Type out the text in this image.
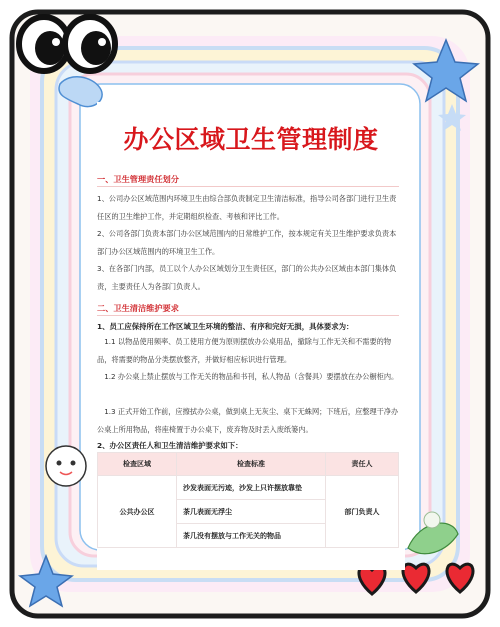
办公区域卫生管理制度
一、卫生管理责任划分

1、公司办公区域范围内环境卫生由综合部负责制定卫生清洁标准，指导公司各部门进行卫生责任区的卫生维护工作，并定期组织检查、考核和评比工作。

2、公司各部门负责本部门办公区域范围内的日常维护工作，按本规定有关卫生维护要求负责本部门办公区域范围内的环境卫生工作。

3、在各部门内部，员工以个人办公区域划分卫生责任区，部门的公共办公区域由本部门集体负责，主要责任人为各部门负责人。

二、卫生清洁维护要求
1、员工应保持所在工作区域卫生环境的整洁、有序和完好无损，具体要求为：

1.1 以物品使用频率、员工使用方便为原则摆放办公桌用品，撤除与工作无关和不需要的物品，将需要的物品分类摆放整齐，并做好相应标识进行管理。

1.2 办公桌上禁止摆放与工作无关的物品和书刊，私人物品（含餐具）要摆放在办公橱柜内。

1.3 正式开始工作前，应擦拭办公桌，做到桌上无灰尘、桌下无蛛网；下班后，应整理干净办公桌上所用物品，将座椅置于办公桌下，废弃物及时丢入废纸篓内。

2、办公区责任人和卫生清洁维护要求如下：
检查区域	检查标准	责任人
公共办公区	沙发表面无污迹，沙发上只许摆放靠垫	部门负责人
	茶几表面无浮尘	
	茶几没有摆放与工作无关的物品	
